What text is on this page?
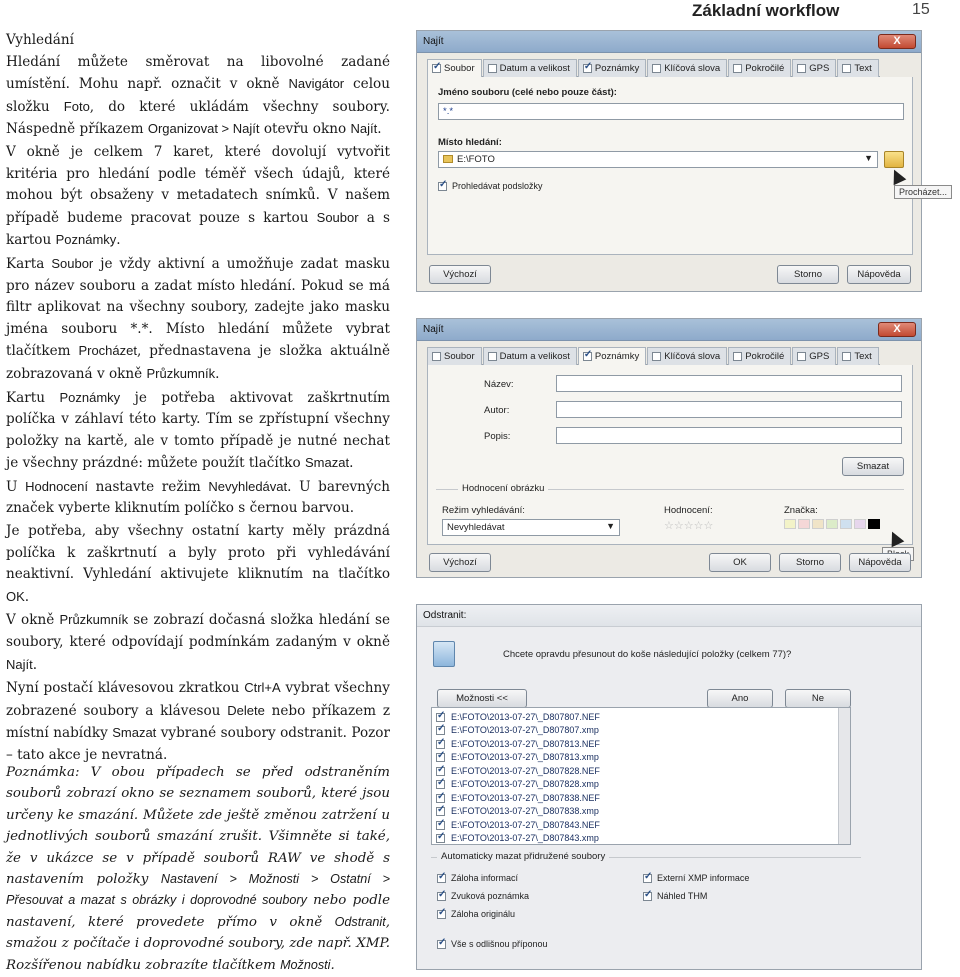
Základní workflow	15

Vyhledání
Hledání můžete směrovat na libovolné zadané umístění. Mohu např. označit v okně Navigátor celou složku Foto, do které ukládám všechny soubory. Náspedně příkazem Organizovat > Najít otevřu okno Najít.

V okně je celkem 7 karet, které dovolují vytvořit kritéria pro hledání podle téměř všech údajů, které mohou být obsaženy v metadatech snímků. V našem případě budeme pracovat pouze s kartou Soubor a s kartou Poznámky.

Karta Soubor je vždy aktivní a umožňuje zadat masku pro název souboru a zadat místo hledání. Pokud se má filtr aplikovat na všechny soubory, zadejte jako masku jména souboru *.*. Místo hledání můžete vybrat tlačítkem Procházet, přednastavena je složka aktuálně zobrazovaná v okně Průzkumník.

Kartu Poznámky je potřeba aktivovat zaškrtnutím políčka v záhlaví této karty. Tím se zpřístupní všechny položky na kartě, ale v tomto případě je nutné nechat je všechny prázdné: můžete použít tlačítko Smazat.

U Hodnocení nastavte režim Nevyhledávat. U barevných značek vyberte kliknutím políčko s černou barvou.

Je potřeba, aby všechny ostatní karty měly prázdná políčka k zaškrtnutí a byly proto při vyhledávání neaktivní. Vyhledání aktivujete kliknutím na tlačítko OK.

V okně Průzkumník se zobrazí dočasná složka hledání se soubory, které odpovídají podmínkám zadaným v okně Najít.

Nyní postačí klávesovou zkratkou Ctrl+A vybrat všechny zobrazené soubory a klávesou Delete nebo příkazem z místní nabídky Smazat vybrané soubory odstranit. Pozor – tato akce je nevratná.

Poznámka: V obou případech se před odstraněním souborů zobrazí okno se seznamem souborů, které jsou určeny ke smazání. Můžete zde ještě změnou zatržení u jednotlivých souborů smazání zrušit. Všimněte si také, že v ukázce se v případě souborů RAW ve shodě s nastavením položky Nastavení > Možnosti > Ostatní > Přesouvat a mazat s obrázky i doprovodné soubory nebo podle nastavení, které provedete přímo v okně Odstranit, smažou z počítače i doprovodné soubory, zde např. XMP. Rozšířenou nabídku zobrazíte tlačítkem Možnosti.
Najít	X
✓
Soubor	Datum a velikost ✓	Poznámky	Klíčová slova	Pokročilé	GPS	Text
Jméno souboru (celé nebo pouze část):
*.*
Místo hledání:
E:\FOTO	▼
Procházet...
✓
Prohledávat podsložky
Výchozí	Storno	Nápověda
Najít	X
Soubor	Datum a velikost ✓	Poznámky	Klíčová slova	Pokročilé	GPS	Text
Název:
Autor:
Popis:
Smazat
Hodnocení obrázku
Režim vyhledávání:
Nevyhledávat	▼
Hodnocení:
☆☆☆☆☆
Značka:
Výchozí	OK	Storno	Nápověda
Odstranit:
Chcete opravdu přesunout do koše následující položky (celkem 77)?
Možnosti <<	Ano	Ne
✓
E:\FOTO\2013-07-27\_D807807.NEF
✓
E:\FOTO\2013-07-27\_D807807.xmp
✓
E:\FOTO\2013-07-27\_D807813.NEF
✓
E:\FOTO\2013-07-27\_D807813.xmp
✓
E:\FOTO\2013-07-27\_D807828.NEF
✓
E:\FOTO\2013-07-27\_D807828.xmp
✓
E:\FOTO\2013-07-27\_D807838.NEF
✓
E:\FOTO\2013-07-27\_D807838.xmp
✓
E:\FOTO\2013-07-27\_D807843.NEF
✓
E:\FOTO\2013-07-27\_D807843.xmp
Automaticky mazat přidružené soubory
✓
Záloha informací
✓
Zvuková poznámka
✓
Záloha originálu
✓
Externí XMP informace
✓
Náhled THM
✓
Vše s odlišnou příponou
